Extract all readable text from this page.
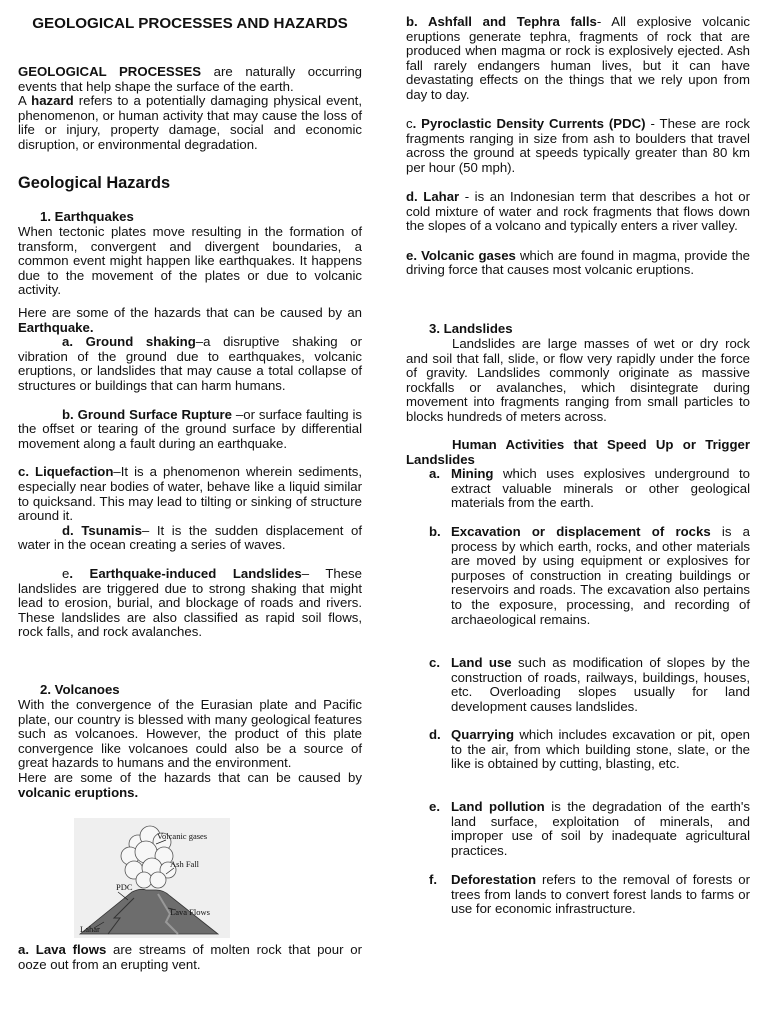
GEOLOGICAL PROCESSES AND HAZARDS

GEOLOGICAL PROCESSES are naturally occurring events that help shape the surface of the earth.

A hazard refers to a potentially damaging physical event, phenomenon, or human activity that may cause the loss of life or injury, property damage, social and economic disruption, or environmental degradation.

Geological Hazards
1. Earthquakes

When tectonic plates move resulting in the formation of transform, convergent and divergent boundaries, a common event might happen like earthquakes. It happens due to the movement of the plates or due to volcanic activity.

Here are some of the hazards that can be caused by an Earthquake.

a. Ground shaking–a disruptive shaking or vibration of the ground due to earthquakes, volcanic eruptions, or landslides that may cause a total collapse of structures or buildings that can harm humans.

b. Ground Surface Rupture –or surface faulting is the offset or tearing of the ground surface by differential movement along a fault during an earthquake.

c. Liquefaction–It is a phenomenon wherein sediments, especially near bodies of water, behave like a liquid similar to quicksand. This may lead to tilting or sinking of structure around it.

d. Tsunamis– It is the sudden displacement of water in the ocean creating a series of waves.

e. Earthquake-induced Landslides– These landslides are triggered due to strong shaking that might lead to erosion, burial, and blockage of roads and rivers. These landslides are also classified as rapid soil flows, rock falls, and rock avalanches.

2. Volcanoes

With the convergence of the Eurasian plate and Pacific plate, our country is blessed with many geological features such as volcanoes. However, the product of this plate convergence like volcanoes could also be a source of great hazards to humans and the environment.

Here are some of the hazards that can be caused by volcanic eruptions.

Volcanic gases
Ash Fall
PDC
Lava Flows
Lahar

a. Lava flows are streams of molten rock that pour or ooze out from an erupting vent.

b. Ashfall and Tephra falls- All explosive volcanic eruptions generate tephra, fragments of rock that are produced when magma or rock is explosively ejected. Ash fall rarely endangers human lives, but it can have devastating effects on the things that we rely upon from day to day.

c. Pyroclastic Density Currents (PDC) - These are rock fragments ranging in size from ash to boulders that travel across the ground at speeds typically greater than 80 km per hour (50 mph).

d. Lahar - is an Indonesian term that describes a hot or cold mixture of water and rock fragments that flows down the slopes of a volcano and typically enters a river valley.

e. Volcanic gases which are found in magma, provide the driving force that causes most volcanic eruptions.

3. Landslides

Landslides are large masses of wet or dry rock and soil that fall, slide, or flow very rapidly under the force of gravity. Landslides commonly originate as massive rockfalls or avalanches, which disintegrate during movement into fragments ranging from small particles to blocks hundreds of meters across.

Human Activities that Speed Up or Trigger Landslides

a. Mining which uses explosives underground to extract valuable minerals or other geological materials from the earth.

b. Excavation or displacement of rocks is a process by which earth, rocks, and other materials are moved by using equipment or explosives for purposes of construction in creating buildings or reservoirs and roads. The excavation also pertains to the exposure, processing, and recording of archaeological remains.

c. Land use such as modification of slopes by the construction of roads, railways, buildings, houses, etc. Overloading slopes usually for land development causes landslides.

d. Quarrying which includes excavation or pit, open to the air, from which building stone, slate, or the like is obtained by cutting, blasting, etc.

e. Land pollution is the degradation of the earth's land surface, exploitation of minerals, and improper use of soil by inadequate agricultural practices.

f. Deforestation refers to the removal of forests or trees from lands to convert forest lands to farms or use for economic infrastructure.
